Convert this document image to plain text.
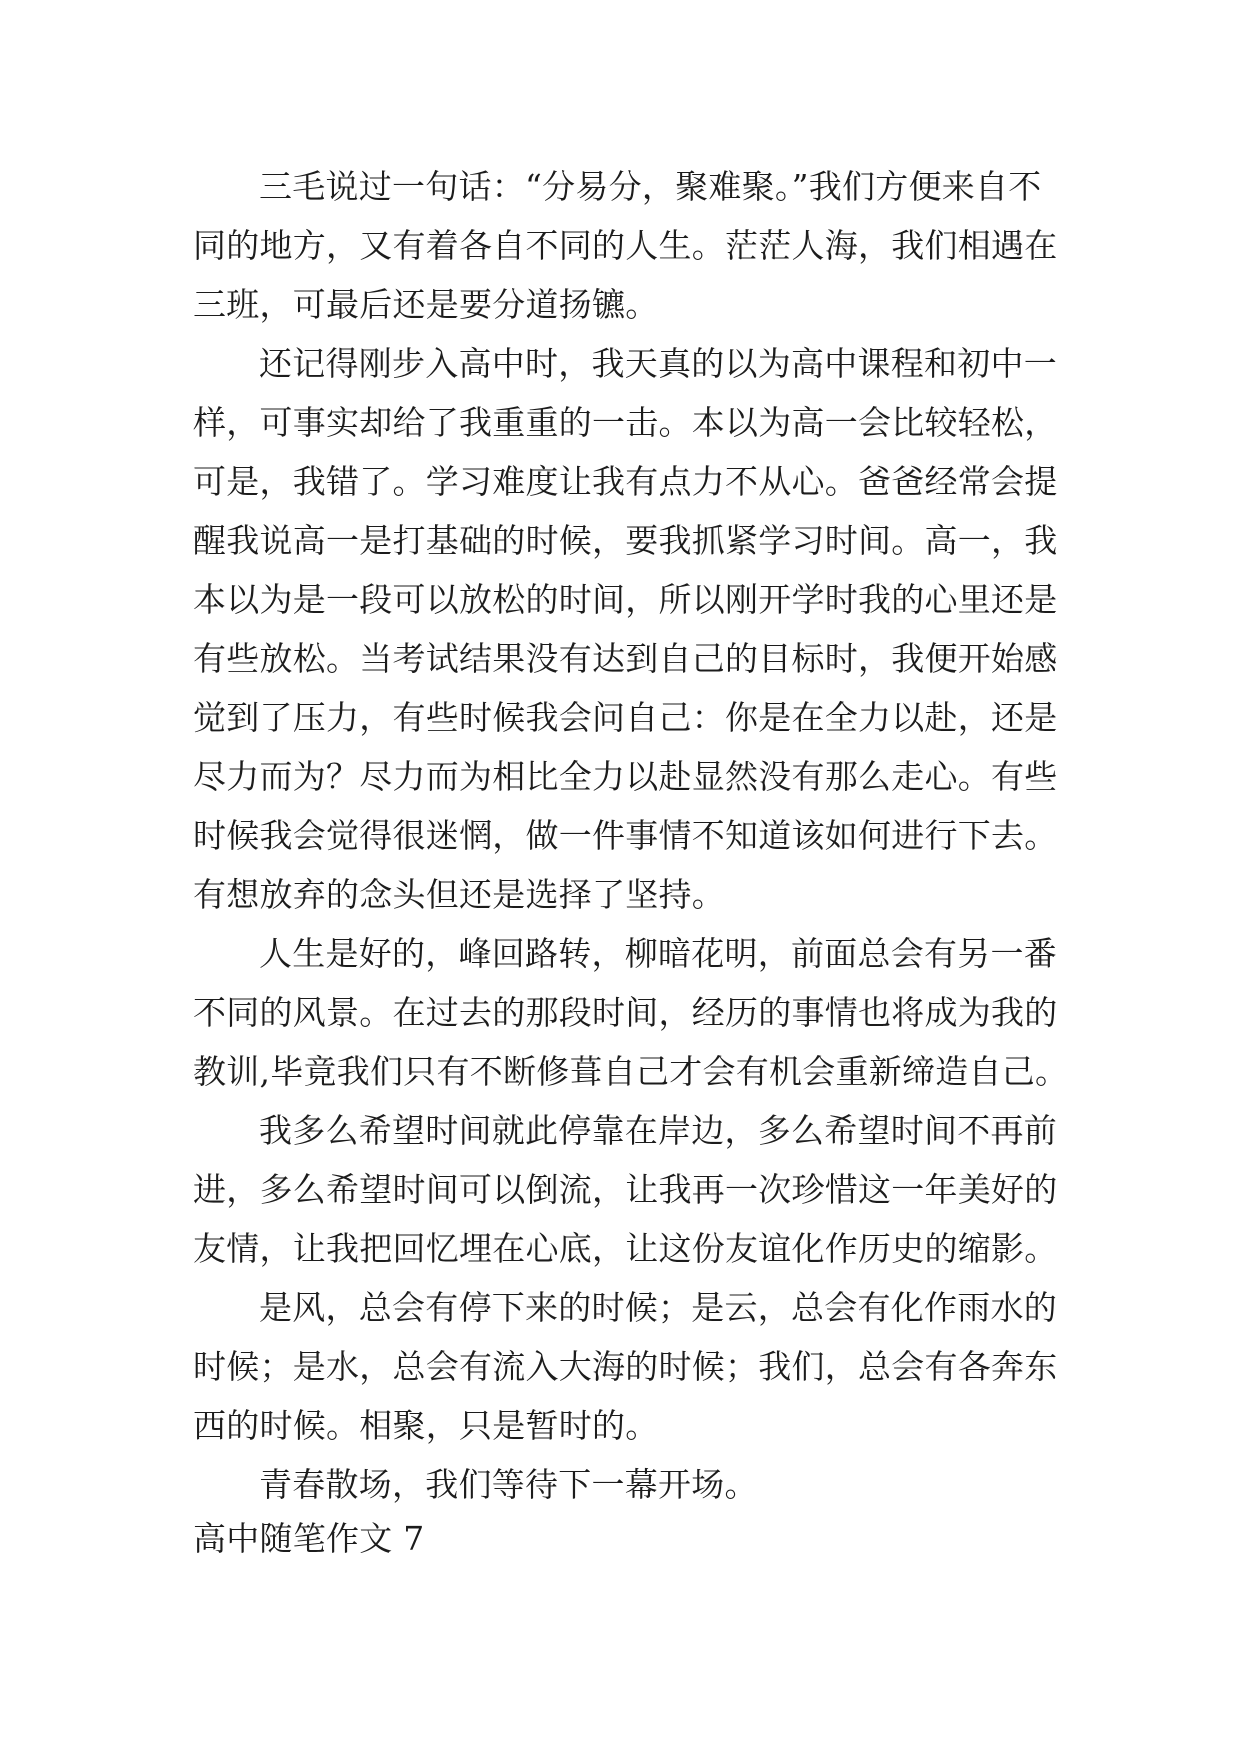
三毛说过一句话：“分易分，聚难聚。”我们方便来自不
同的地方，又有着各自不同的人生。茫茫人海，我们相遇在
三班，可最后还是要分道扬镳。
还记得刚步入高中时，我天真的以为高中课程和初中一
样，可事实却给了我重重的一击。本以为高一会比较轻松，
可是，我错了。学习难度让我有点力不从心。爸爸经常会提
醒我说高一是打基础的时候，要我抓紧学习时间。高一，我
本以为是一段可以放松的时间，所以刚开学时我的心里还是
有些放松。当考试结果没有达到自己的目标时，我便开始感
觉到了压力，有些时候我会问自己：你是在全力以赴，还是
尽力而为？尽力而为相比全力以赴显然没有那么走心。有些
时候我会觉得很迷惘，做一件事情不知道该如何进行下去。
有想放弃的念头但还是选择了坚持。
人生是好的，峰回路转，柳暗花明，前面总会有另一番
不同的风景。在过去的那段时间，经历的事情也将成为我的
教训,毕竟我们只有不断修葺自己才会有机会重新缔造自己。
我多么希望时间就此停靠在岸边，多么希望时间不再前
进，多么希望时间可以倒流，让我再一次珍惜这一年美好的
友情，让我把回忆埋在心底，让这份友谊化作历史的缩影。
是风，总会有停下来的时候；是云，总会有化作雨水的
时候；是水，总会有流入大海的时候；我们，总会有各奔东
西的时候。相聚，只是暂时的。
青春散场，我们等待下一幕开场。
高中随笔作文 7
